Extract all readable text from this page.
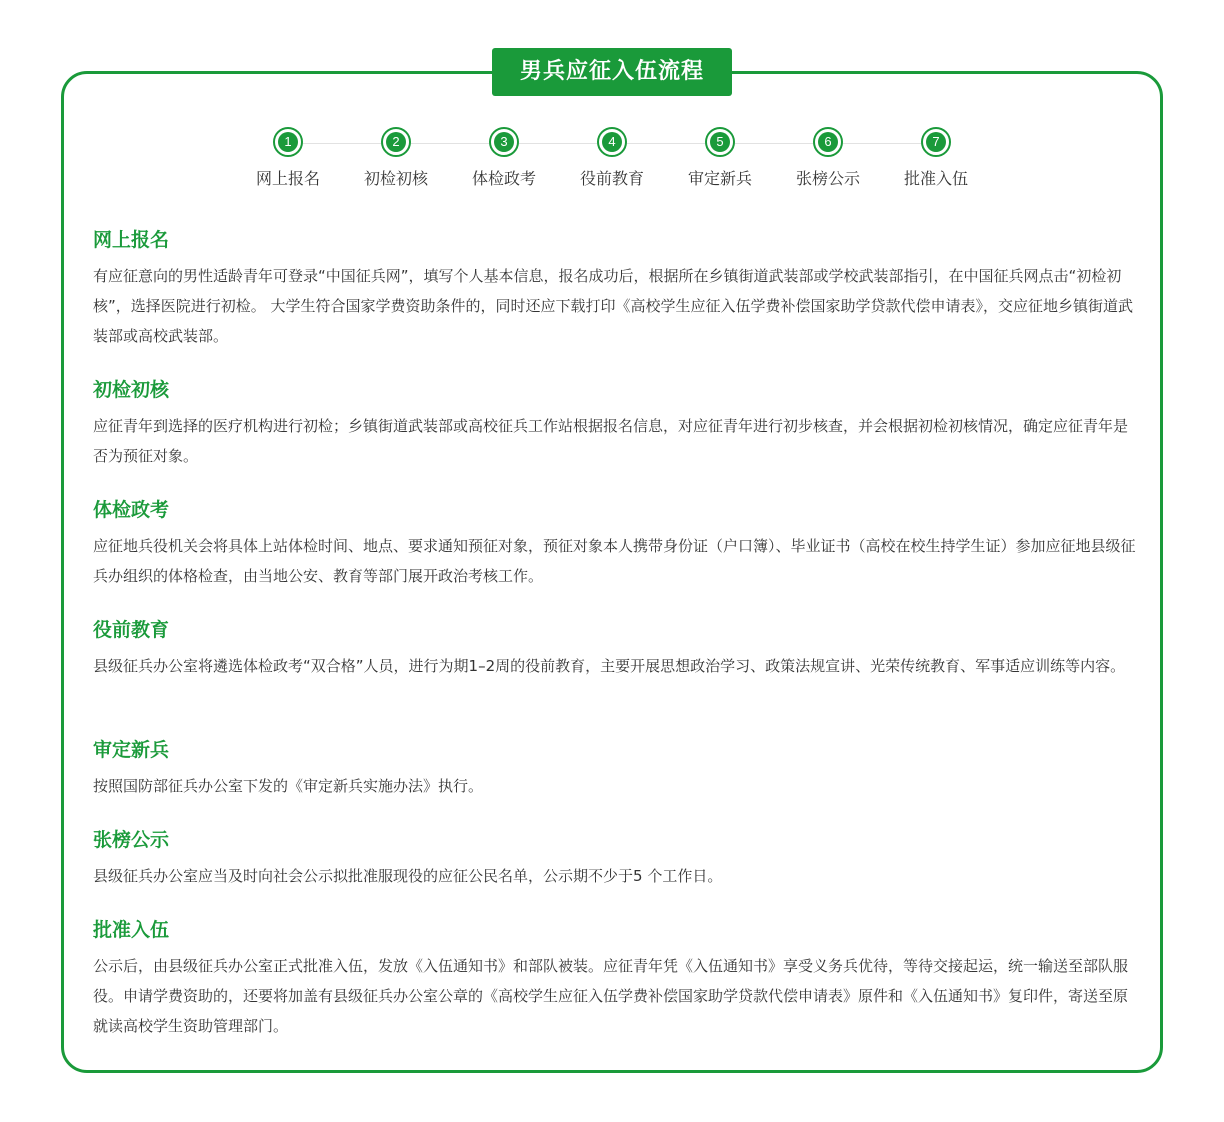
男兵应征入伍流程
1
网上报名
2
初检初核
3
体检政考
4
役前教育
5
审定新兵
6
张榜公示
7
批准入伍
网上报名

有应征意向的男性适龄青年可登录“中国征兵网”，填写个人基本信息，报名成功后，根据所在乡镇街道武装部或学校武装部指引，在中国征兵网点击“初检初核”，选择医院进行初检。 大学生符合国家学费资助条件的，同时还应下载打印《高校学生应征入伍学费补偿国家助学贷款代偿申请表》，交应征地乡镇街道武装部或高校武装部。

初检初核

应征青年到选择的医疗机构进行初检；乡镇街道武装部或高校征兵工作站根据报名信息，对应征青年进行初步核查，并会根据初检初核情况，确定应征青年是否为预征对象。

体检政考

应征地兵役机关会将具体上站体检时间、地点、要求通知预征对象，预征对象本人携带身份证（户口簿）、毕业证书（高校在校生持学生证）参加应征地县级征兵办组织的体格检查，由当地公安、教育等部门展开政治考核工作。

役前教育

县级征兵办公室将遴选体检政考“双合格”人员，进行为期1–2周的役前教育，主要开展思想政治学习、政策法规宣讲、光荣传统教育、军事适应训练等内容。

审定新兵

按照国防部征兵办公室下发的《审定新兵实施办法》执行。

张榜公示

县级征兵办公室应当及时向社会公示拟批准服现役的应征公民名单，公示期不少于5 个工作日。

批准入伍

公示后，由县级征兵办公室正式批准入伍，发放《入伍通知书》和部队被装。应征青年凭《入伍通知书》享受义务兵优待，等待交接起运，统一输送至部队服役。申请学费资助的，还要将加盖有县级征兵办公室公章的《高校学生应征入伍学费补偿国家助学贷款代偿申请表》原件和《入伍通知书》复印件，寄送至原就读高校学生资助管理部门。
